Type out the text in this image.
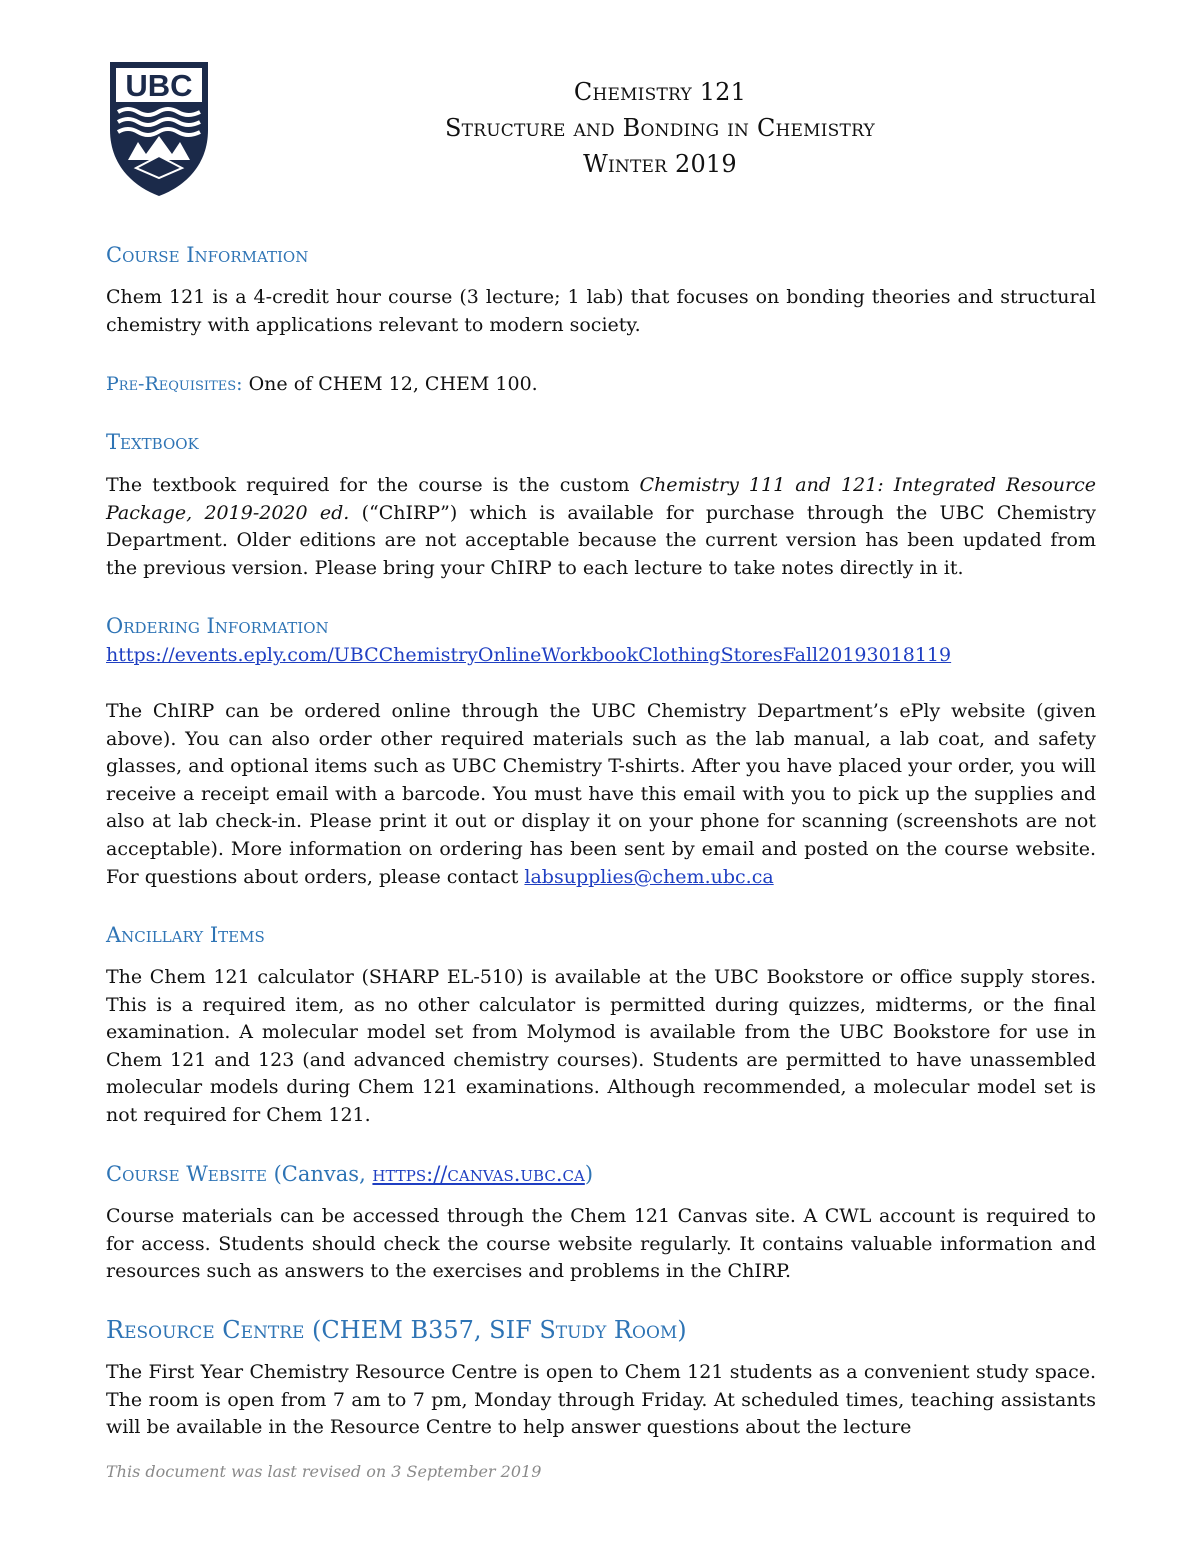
UBC	Chemistry 121
Structure and Bonding in Chemistry
Winter 2019
Course Information
Chem 121 is a 4-credit hour course (3 lecture; 1 lab) that focuses on bonding theories and structural chemistry with applications relevant to modern society.
Pre-Requisites: One of CHEM 12, CHEM 100.
Textbook
The textbook required for the course is the custom Chemistry 111 and 121: Integrated Resource Package, 2019-2020 ed. (“ChIRP”) which is available for purchase through the UBC Chemistry Department. Older editions are not acceptable because the current version has been updated from the previous version. Please bring your ChIRP to each lecture to take notes directly in it.
Ordering Information
https://events.eply.com/UBCChemistryOnlineWorkbookClothingStoresFall20193018119
The ChIRP can be ordered online through the UBC Chemistry Department’s ePly website (given above). You can also order other required materials such as the lab manual, a lab coat, and safety glasses, and optional items such as UBC Chemistry T-shirts. After you have placed your order, you will receive a receipt email with a barcode. You must have this email with you to pick up the supplies and also at lab check-in. Please print it out or display it on your phone for scanning (screenshots are not acceptable). More information on ordering has been sent by email and posted on the course website. For questions about orders, please contact labsupplies@chem.ubc.ca
Ancillary Items
The Chem 121 calculator (SHARP EL-510) is available at the UBC Bookstore or office supply stores. This is a required item, as no other calculator is permitted during quizzes, midterms, or the final examination. A molecular model set from Molymod is available from the UBC Bookstore for use in Chem 121 and 123 (and advanced chemistry courses). Students are permitted to have unassembled molecular models during Chem 121 examinations. Although recommended, a molecular model set is not required for Chem 121.
Course Website (Canvas, https://canvas.ubc.ca)
Course materials can be accessed through the Chem 121 Canvas site. A CWL account is required to for access. Students should check the course website regularly. It contains valuable information and resources such as answers to the exercises and problems in the ChIRP.
Resource Centre (CHEM B357, SIF Study Room)
The First Year Chemistry Resource Centre is open to Chem 121 students as a convenient study space. The room is open from 7 am to 7 pm, Monday through Friday. At scheduled times, teaching assistants will be available in the Resource Centre to help answer questions about the lecture
This document was last revised on 3 September 2019
